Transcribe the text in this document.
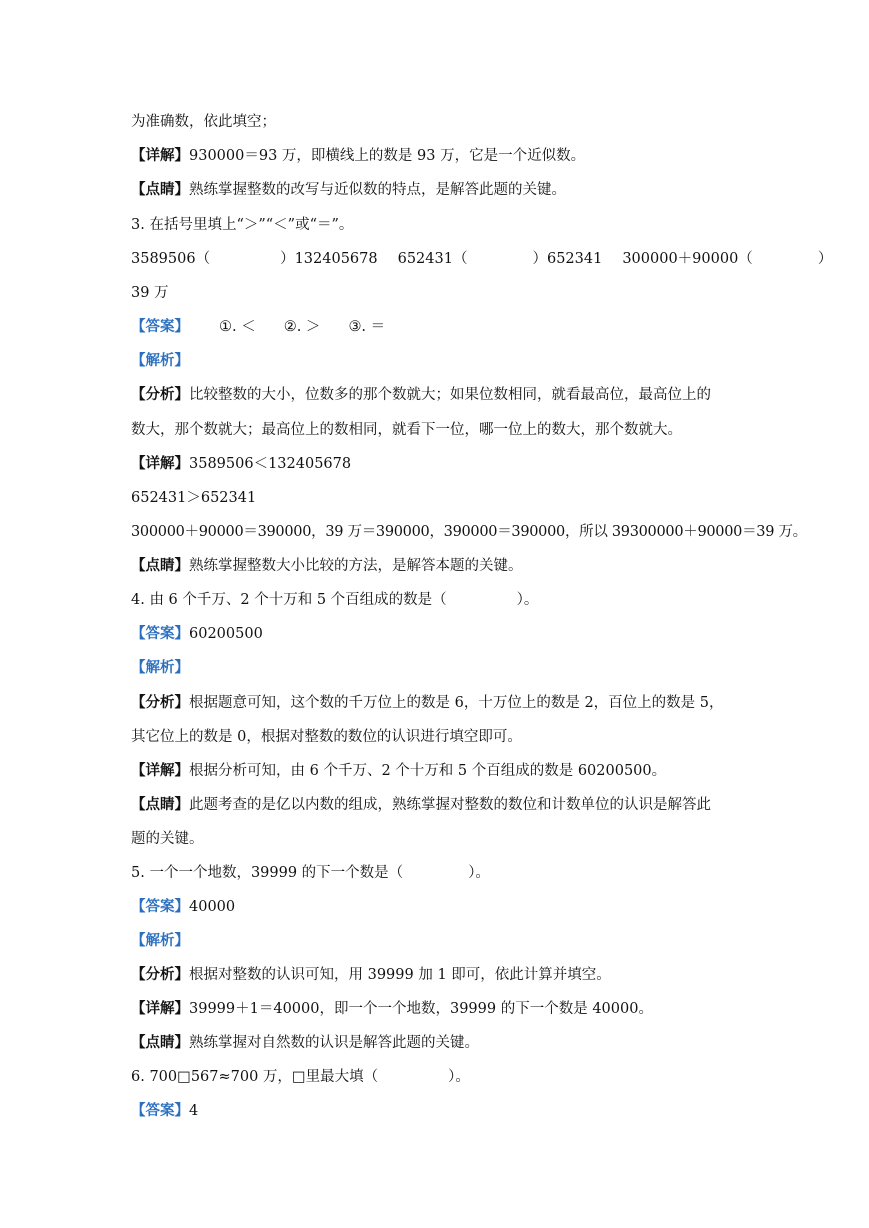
为准确数，依此填空；
【详解】930000＝93 万，即横线上的数是 93 万，它是一个近似数。
【点睛】熟练掌握整数的改写与近似数的特点，是解答此题的关键。
3. 在括号里填上“＞”“＜”或“＝”。
3589506（	）132405678 652431（	）652341 300000＋90000（	）
39 万
【答案】 ①. ＜ ②. ＞ ③. ＝
【解析】
【分析】比较整数的大小，位数多的那个数就大；如果位数相同，就看最高位，最高位上的
数大，那个数就大；最高位上的数相同，就看下一位，哪一位上的数大，那个数就大。
【详解】3589506＜132405678
652431＞652341
300000＋90000＝390000，39 万＝390000，390000＝390000，所以 39300000＋90000＝39 万。
【点睛】熟练掌握整数大小比较的方法，是解答本题的关键。
4. 由 6 个千万、2 个十万和 5 个百组成的数是（	）。
【答案】60200500
【解析】
【分析】根据题意可知，这个数的千万位上的数是 6，十万位上的数是 2，百位上的数是 5，
其它位上的数是 0，根据对整数的数位的认识进行填空即可。
【详解】根据分析可知，由 6 个千万、2 个十万和 5 个百组成的数是 60200500。
【点睛】此题考查的是亿以内数的组成，熟练掌握对整数的数位和计数单位的认识是解答此
题的关键。
5. 一个一个地数，39999 的下一个数是（	）。
【答案】40000
【解析】
【分析】根据对整数的认识可知，用 39999 加 1 即可，依此计算并填空。
【详解】39999＋1＝40000，即一个一个地数，39999 的下一个数是 40000。
【点睛】熟练掌握对自然数的认识是解答此题的关键。
6. 700□567≈700 万，□里最大填（	）。
【答案】4
